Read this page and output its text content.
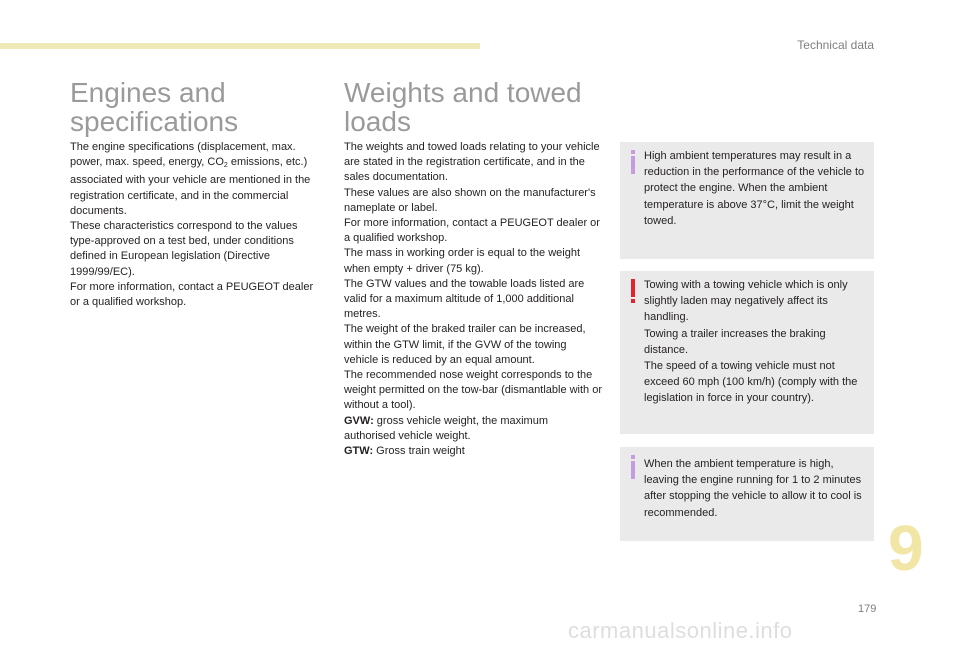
Technical data
Engines and
specifications

The engine specifications (displacement, max. power, max. speed, energy, $CO_2$ emissions, etc.) associated with your vehicle are mentioned in the registration certificate, and in the commercial documents.

These characteristics correspond to the values type-approved on a test bed, under conditions defined in European legislation (Directive 1999/99/EC).

For more information, contact a PEUGEOT dealer or a qualified workshop.

Weights and towed
loads

The weights and towed loads relating to your vehicle are stated in the registration certificate, and in the sales documentation.

These values are also shown on the manufacturer's nameplate or label.

For more information, contact a PEUGEOT dealer or a qualified workshop.

The mass in working order is equal to the weight when empty + driver (75 kg).

The GTW values and the towable loads listed are valid for a maximum altitude of 1,000 additional metres.

The weight of the braked trailer can be increased, within the GTW limit, if the GVW of the towing vehicle is reduced by an equal amount.

The recommended nose weight corresponds to the weight permitted on the tow-bar (dismantlable with or without a tool).

GVW: gross vehicle weight, the maximum authorised vehicle weight.

GTW: Gross train weight

High ambient temperatures may result in a reduction in the performance of the vehicle to protect the engine. When the ambient temperature is above 37°C, limit the weight towed.

Towing with a towing vehicle which is only slightly laden may negatively affect its handling.

Towing a trailer increases the braking distance.

The speed of a towing vehicle must not exceed 60 mph (100 km/h) (comply with the legislation in force in your country).

When the ambient temperature is high, leaving the engine running for 1 to 2 minutes after stopping the vehicle to allow it to cool is recommended.	9
179
carmanualsonline.info
